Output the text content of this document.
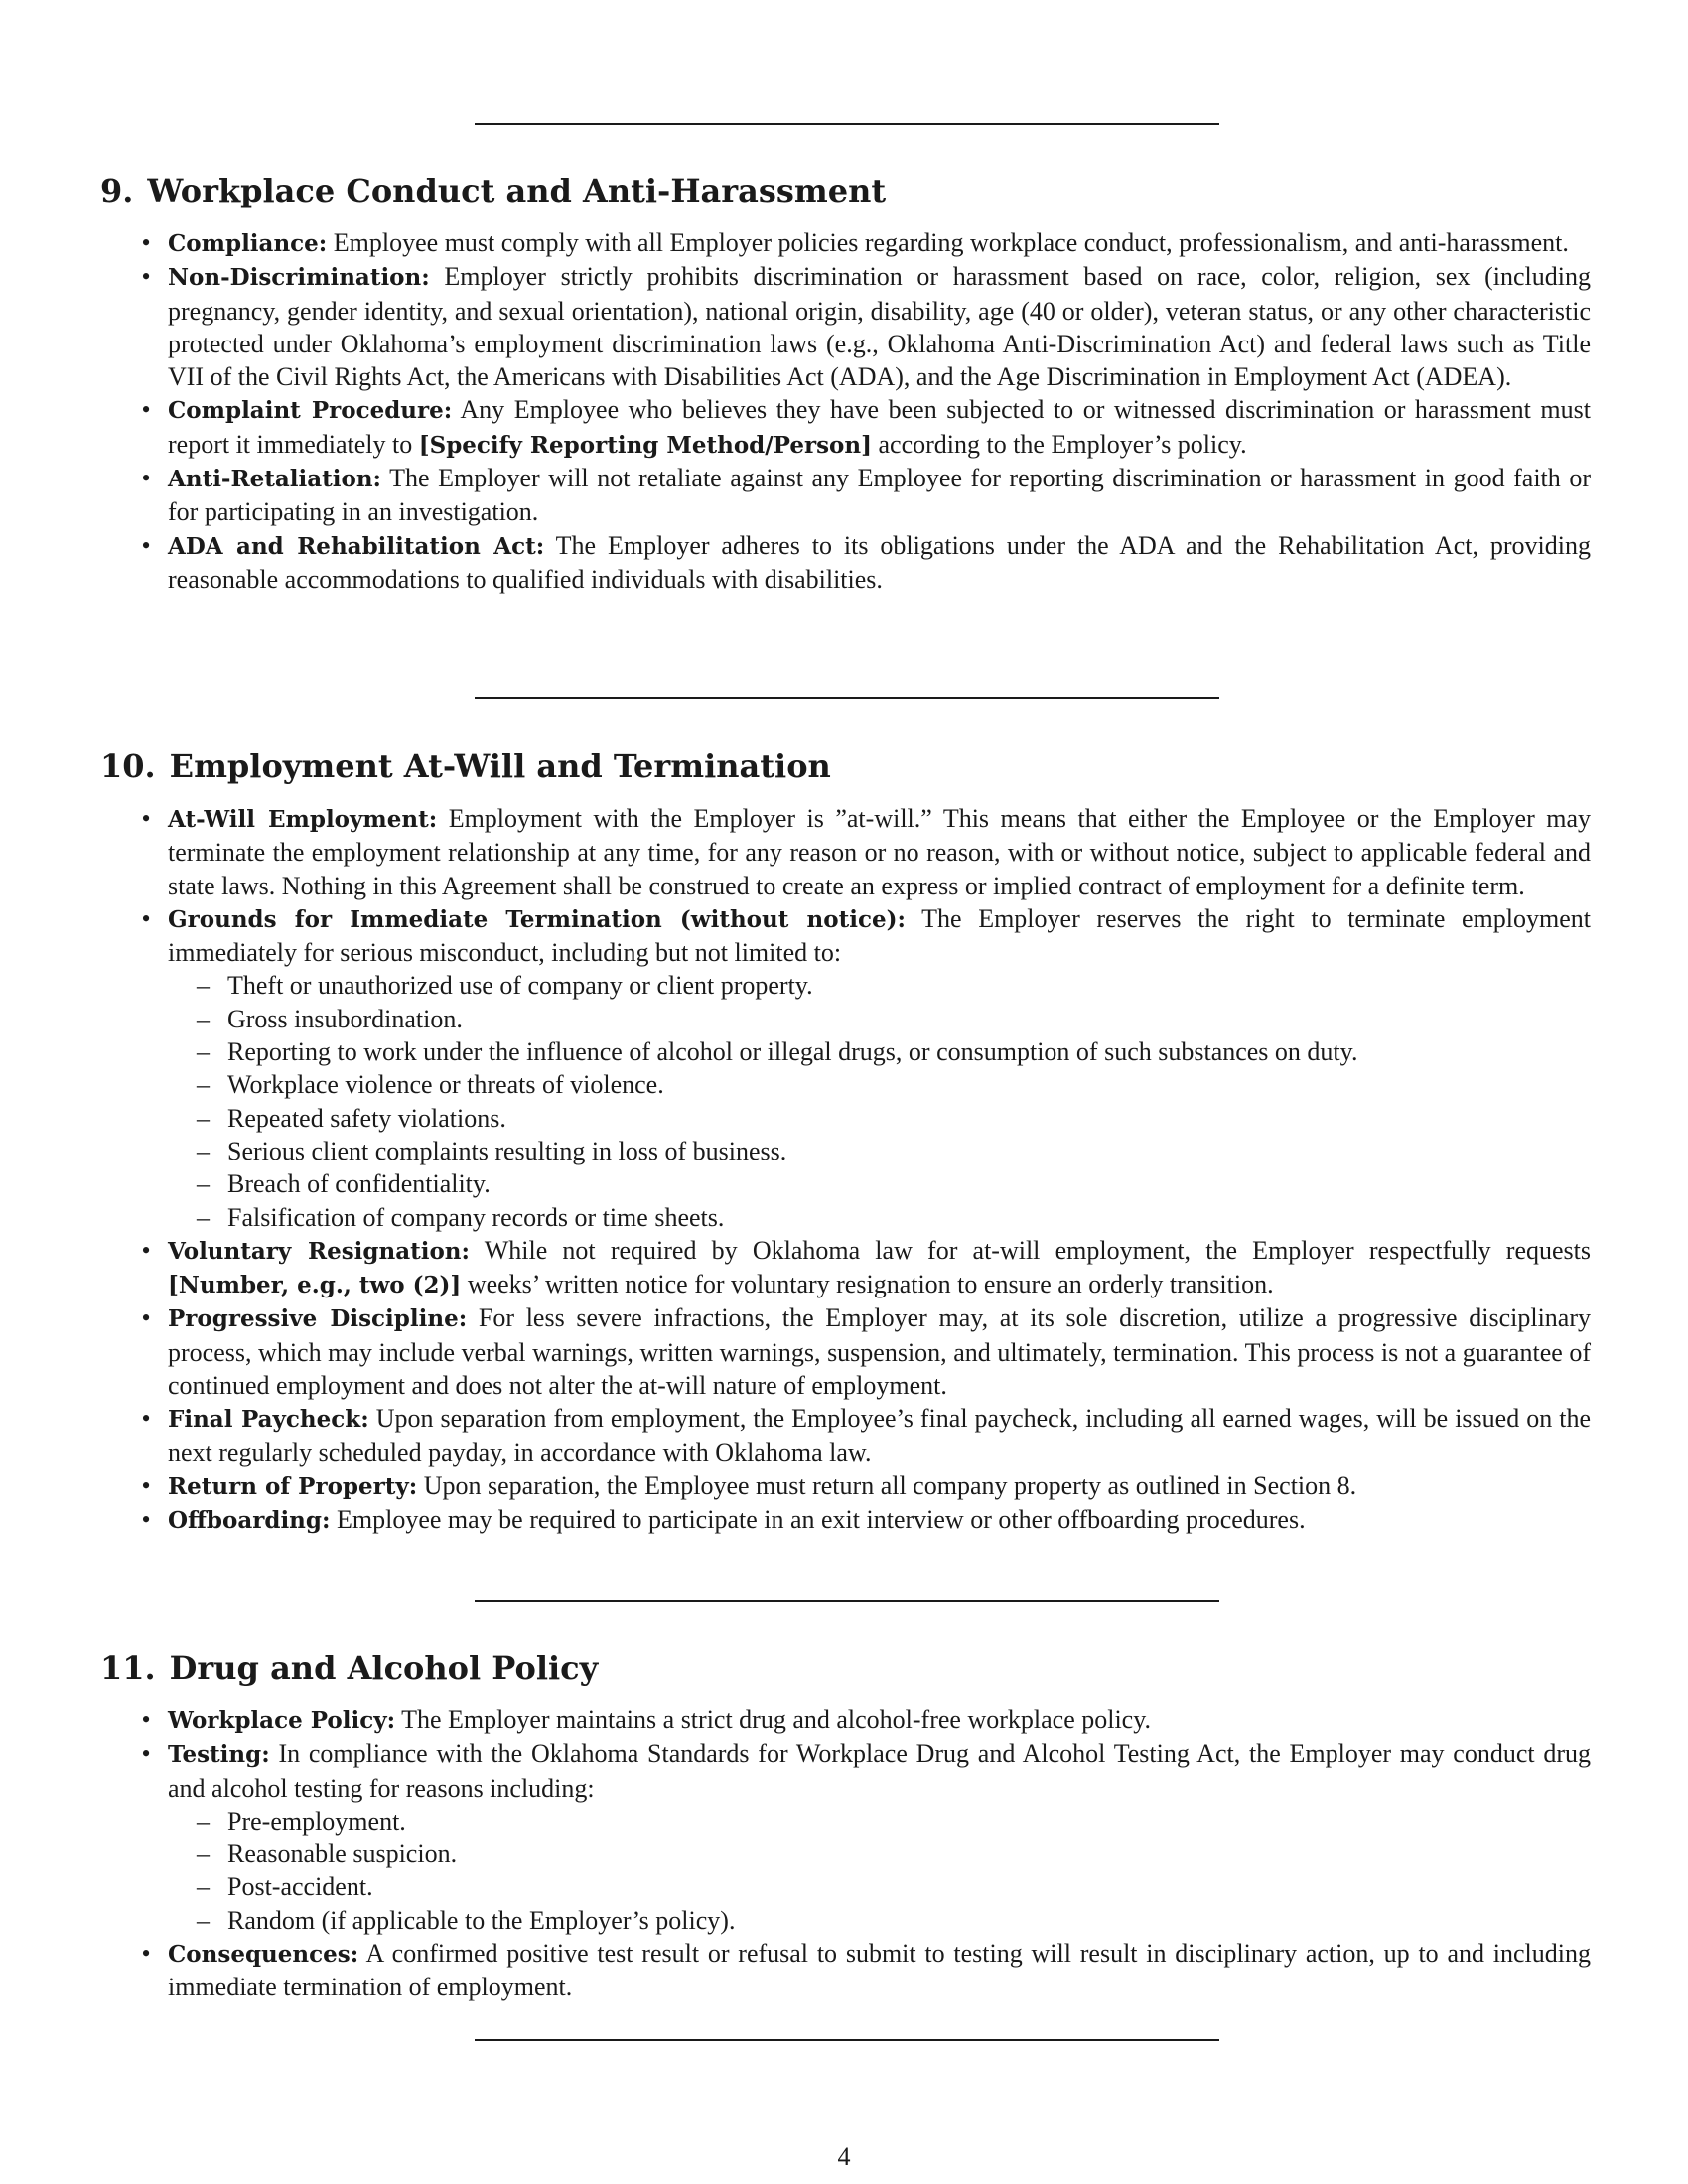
9. Workplace Conduct and Anti-Harassment
• Compliance: Employee must comply with all Employer policies regarding workplace conduct, professionalism, and anti-harassment.
• Non-Discrimination: Employer strictly prohibits discrimination or harassment based on race, color, religion, sex (including pregnancy, gender identity, and sexual orientation), national origin, disability, age (40 or older), veteran status, or any other characteristic protected under Oklahoma’s employment discrimination laws (e.g., Oklahoma Anti-Discrimination Act) and federal laws such as Title VII of the Civil Rights Act, the Americans with Disabilities Act (ADA), and the Age Discrimination in Employment Act (ADEA).
• Complaint Procedure: Any Employee who believes they have been subjected to or witnessed discrimination or harassment must report it immediately to [Specify Reporting Method/Person] according to the Employer’s policy.
• Anti-Retaliation: The Employer will not retaliate against any Employee for reporting discrimination or harassment in good faith or for participating in an investigation.
• ADA and Rehabilitation Act: The Employer adheres to its obligations under the ADA and the Rehabilitation Act, providing reasonable accommodations to qualified individuals with disabilities.
10. Employment At-Will and Termination
• At-Will Employment: Employment with the Employer is ”at-will.” This means that either the Employee or the Employer may terminate the employment relationship at any time, for any reason or no reason, with or without notice, subject to applicable federal and state laws. Nothing in this Agreement shall be construed to create an express or implied contract of employment for a definite term.
• Grounds for Immediate Termination (without notice): The Employer reserves the right to terminate employment immediately for serious misconduct, including but not limited to:
– Theft or unauthorized use of company or client property.
– Gross insubordination.
– Reporting to work under the influence of alcohol or illegal drugs, or consumption of such substances on duty.
– Workplace violence or threats of violence.
– Repeated safety violations.
– Serious client complaints resulting in loss of business.
– Breach of confidentiality.
– Falsification of company records or time sheets.
• Voluntary Resignation: While not required by Oklahoma law for at-will employment, the Employer respectfully requests [Number, e.g., two (2)] weeks’ written notice for voluntary resignation to ensure an orderly transition.
• Progressive Discipline: For less severe infractions, the Employer may, at its sole discretion, utilize a progressive disciplinary process, which may include verbal warnings, written warnings, suspension, and ultimately, termination. This process is not a guarantee of continued employment and does not alter the at-will nature of employment.
• Final Paycheck: Upon separation from employment, the Employee’s final paycheck, including all earned wages, will be issued on the next regularly scheduled payday, in accordance with Oklahoma law.
• Return of Property: Upon separation, the Employee must return all company property as outlined in Section 8.
• Offboarding: Employee may be required to participate in an exit interview or other offboarding procedures.
11. Drug and Alcohol Policy
• Workplace Policy: The Employer maintains a strict drug and alcohol-free workplace policy.
• Testing: In compliance with the Oklahoma Standards for Workplace Drug and Alcohol Testing Act, the Employer may conduct drug and alcohol testing for reasons including:
– Pre-employment.
– Reasonable suspicion.
– Post-accident.
– Random (if applicable to the Employer’s policy).
• Consequences: A confirmed positive test result or refusal to submit to testing will result in disciplinary action, up to and including immediate termination of employment.
4
